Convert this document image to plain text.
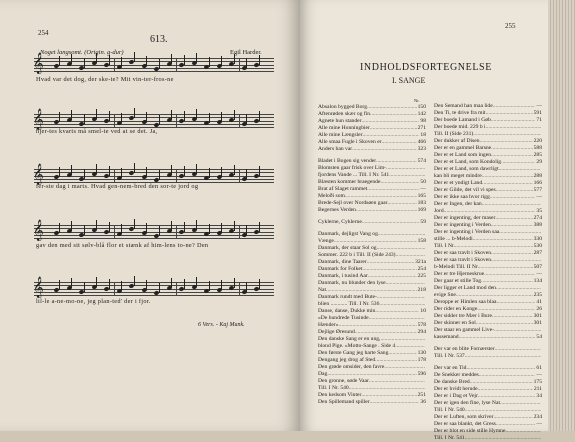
254
613.
Noget langsomt. (Origin. g-dur)	Egil Harder.
𝄞
𝄞
𝄞
𝄞
𝄞
Hvad var det dog, der ske-te? Mit vin-ter-fros-ne
hjer-tes kvarts må smel-te ved at se det. Ja,
fer-ste dag i marts. Hvad gen-nem-bred den sor-te jord og
gav den med sit sølv-blå flor et stænk af him-lens to-ne? Den
lil-le a-ne-mo-ne, jeg plan-ted' der i fjor.
6 Vers. - Kaj Munk.
255
INDHOLDSFORTEGNELSE
I. SANGE
Nr.
Absalon bygged Borg .....	150
Aftenrøden skær og fin .....	142
Agnete hun stander .....	98
Alle mine Honningbier .....	271
Alle mine Længsler .....	18
Alle smaa Fugle i Skoven er .....	466
Anders han var .....	323
Bladet i Bogen sig vender .....	574
Blomsten gaar frisk over Lim-
.....
fjordens Vande ... Till. I Nr. 541
.....
Blæsten kommer braegende .....	50
Brat af Slaget rammet .....	—
Meloði som .....	165
Brede-Sejl over Nordsøen gaar .....	183
Begernes Verden .....	169
Cyklerne, Cyklerne .....	59
Danmark, dejligst Vang og
.....
Vænge .....	158
Danmark, der staar Sol og
.....
Sommer. 222 b i Till. II (Side 243)
.....
Danmark, dine Taarer .....	321a
Danmark for Folket .....	254
Danmark, i tusind Aar .....	225
Danmark, nu blunder den lyse
.....
Nat .....	218
Danmark rundt med Bute-
.....
blien ............ Till. I Nr. 536
.....
Danse, danse, Dukke min .....	10
»De hundrede Tusinde
.....
Hænder» .....	578
Dejlige Øresund .....	294
Den danske Sang er en ung,
.....
blond Pige. »Motto-Sange . Side 4
.....
Den første Gang jeg harte Sang .....	130
Dengang jeg drog af Sted .....	178
Den grøde omsider, den favre
.....
Dag .....	596
Den gronne, søde Vaar
.....
Till. I Nr. 540
.....
Den kedsom Vinter .....	251
Den Spillemand spiller .....	36
Den Semand han maa lide .....	—
Den Ti, te drive fra mit .....	591
Der boede Lamand i Gøb .....	71
Der boede mid. 229 b i
.....
Till. II (Side 231)
.....
Der dukker af Disen .....	220
Der er en gammel Barsne .....	588
Der er et Land som ingen .....	285
Der er et Land, som Kondolig .....	29
Der er et Land, som dawrligt
.....
kan bli meget mindre .....	288
Der er et yndigt Land .....	166
Der er Gilde, det vil vi spes .....	577
Der er ikke saa hvor rigg .....	—
Der er Ingen, der kan
.....
Jord .....	35
Der er ingenting, der maser .....	274
Der er ingenting i Verden .....	388
Der er ingenting i Verden saa
.....
stille ... b-Melodi .....	330
Till. I Nr. .....	530
Der er saa travlt i Skoven .....	287
Der er saa travlt i Skoven.
.....
b-Melodi Till. II Nr. .....	507
Der er tre Hjerneskrue .....	—
Der gaar et stille Tog .....	134
Der ligger et Land mod den
.....
evige Sne .....	235
Deroppe er Himlen saa blaa .....	41
Der rider en Konge .....	26
Der sidder tre Mær i Bure .....	301
Der skinner en Sol .....	301
Der staar en gammel Live-
.....
kassemand .....	54
Der var en blite Fornærster
.....
Till. I Nr. 537
.....
Der var en Tid .....	61
De Snekker meddes .....	—
De danske Bred .....	175
Der er hvidt herude .....	211
Der er i Dag et Vejr .....	34
Der er igen den fine, lyse Nat
.....
Till. I Nr. 540
.....
Der er Luften, som skriver .....	234
Der er saa blankt, det Gress .....	—
Der er blot en side stille Hymne
.....
Till. I Nr. 541
.....
